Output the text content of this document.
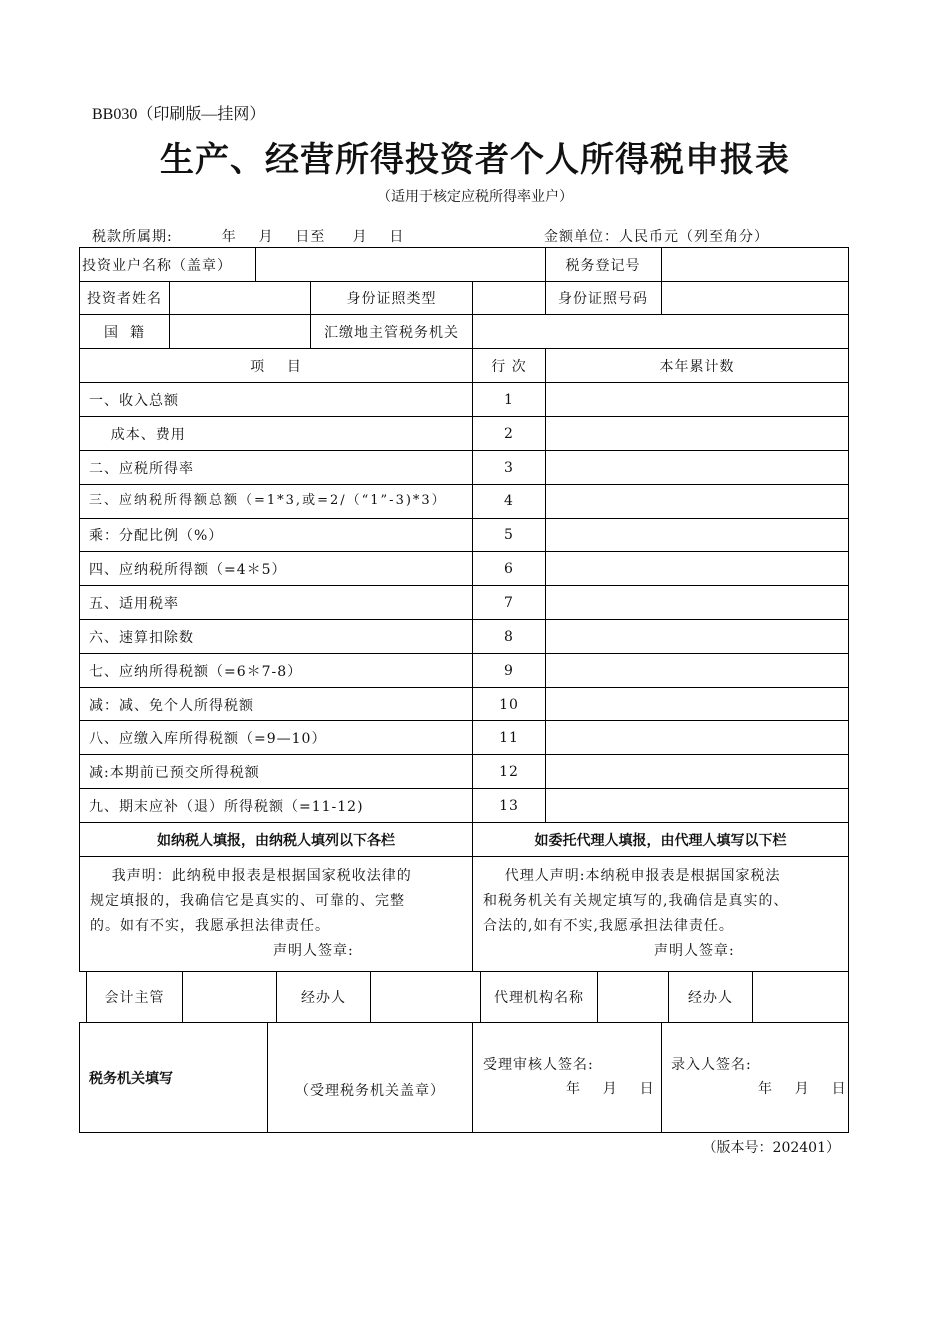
BB030（印刷版—挂网）
生产、经营所得投资者个人所得税申报表
（适用于核定应税所得率业户）
税款所属期:         年    月    日至     月    日	金额单位：人民币元（列至角分）
投资业户名称（盖章）	税务登记号
投资者姓名	身份证照类型	身份证照号码
国  籍	汇缴地主管税务机关
项    目	行 次	本年累计数
一、收入总额	1
成本、费用	2
二、应税所得率	3
三、应纳税所得额总额（=1*3,或=2/（“1”-3)*3）	4
乘：分配比例（%）	5
四、应纳税所得额（=4＊5）	6
五、适用税率	7
六、速算扣除数	8
七、应纳所得税额（=6＊7-8）	9
减：减、免个人所得税额	10
八、应缴入库所得税额（=9—10）	11
减:本期前已预交所得税额	12
九、期末应补（退）所得税额（=11-12)	13
如纳税人填报，由纳税人填列以下各栏	如委托代理人填报，由代理人填写以下栏
我声明：此纳税申报表是根据国家税收法律的
规定填报的，我确信它是真实的、可靠的、完整
的。如有不实，我愿承担法律责任。
声明人签章:
代理人声明:本纳税申报表是根据国家税法
和税务机关有关规定填写的,我确信是真实的、
合法的,如有不实,我愿承担法律责任。
声明人签章:
会计主管	经办人	代理机构名称	经办人
税务机关填写
（受理税务机关盖章）
受理审核人签名:
年    月    日
录入人签名:
年    月    日
（版本号：202401）
